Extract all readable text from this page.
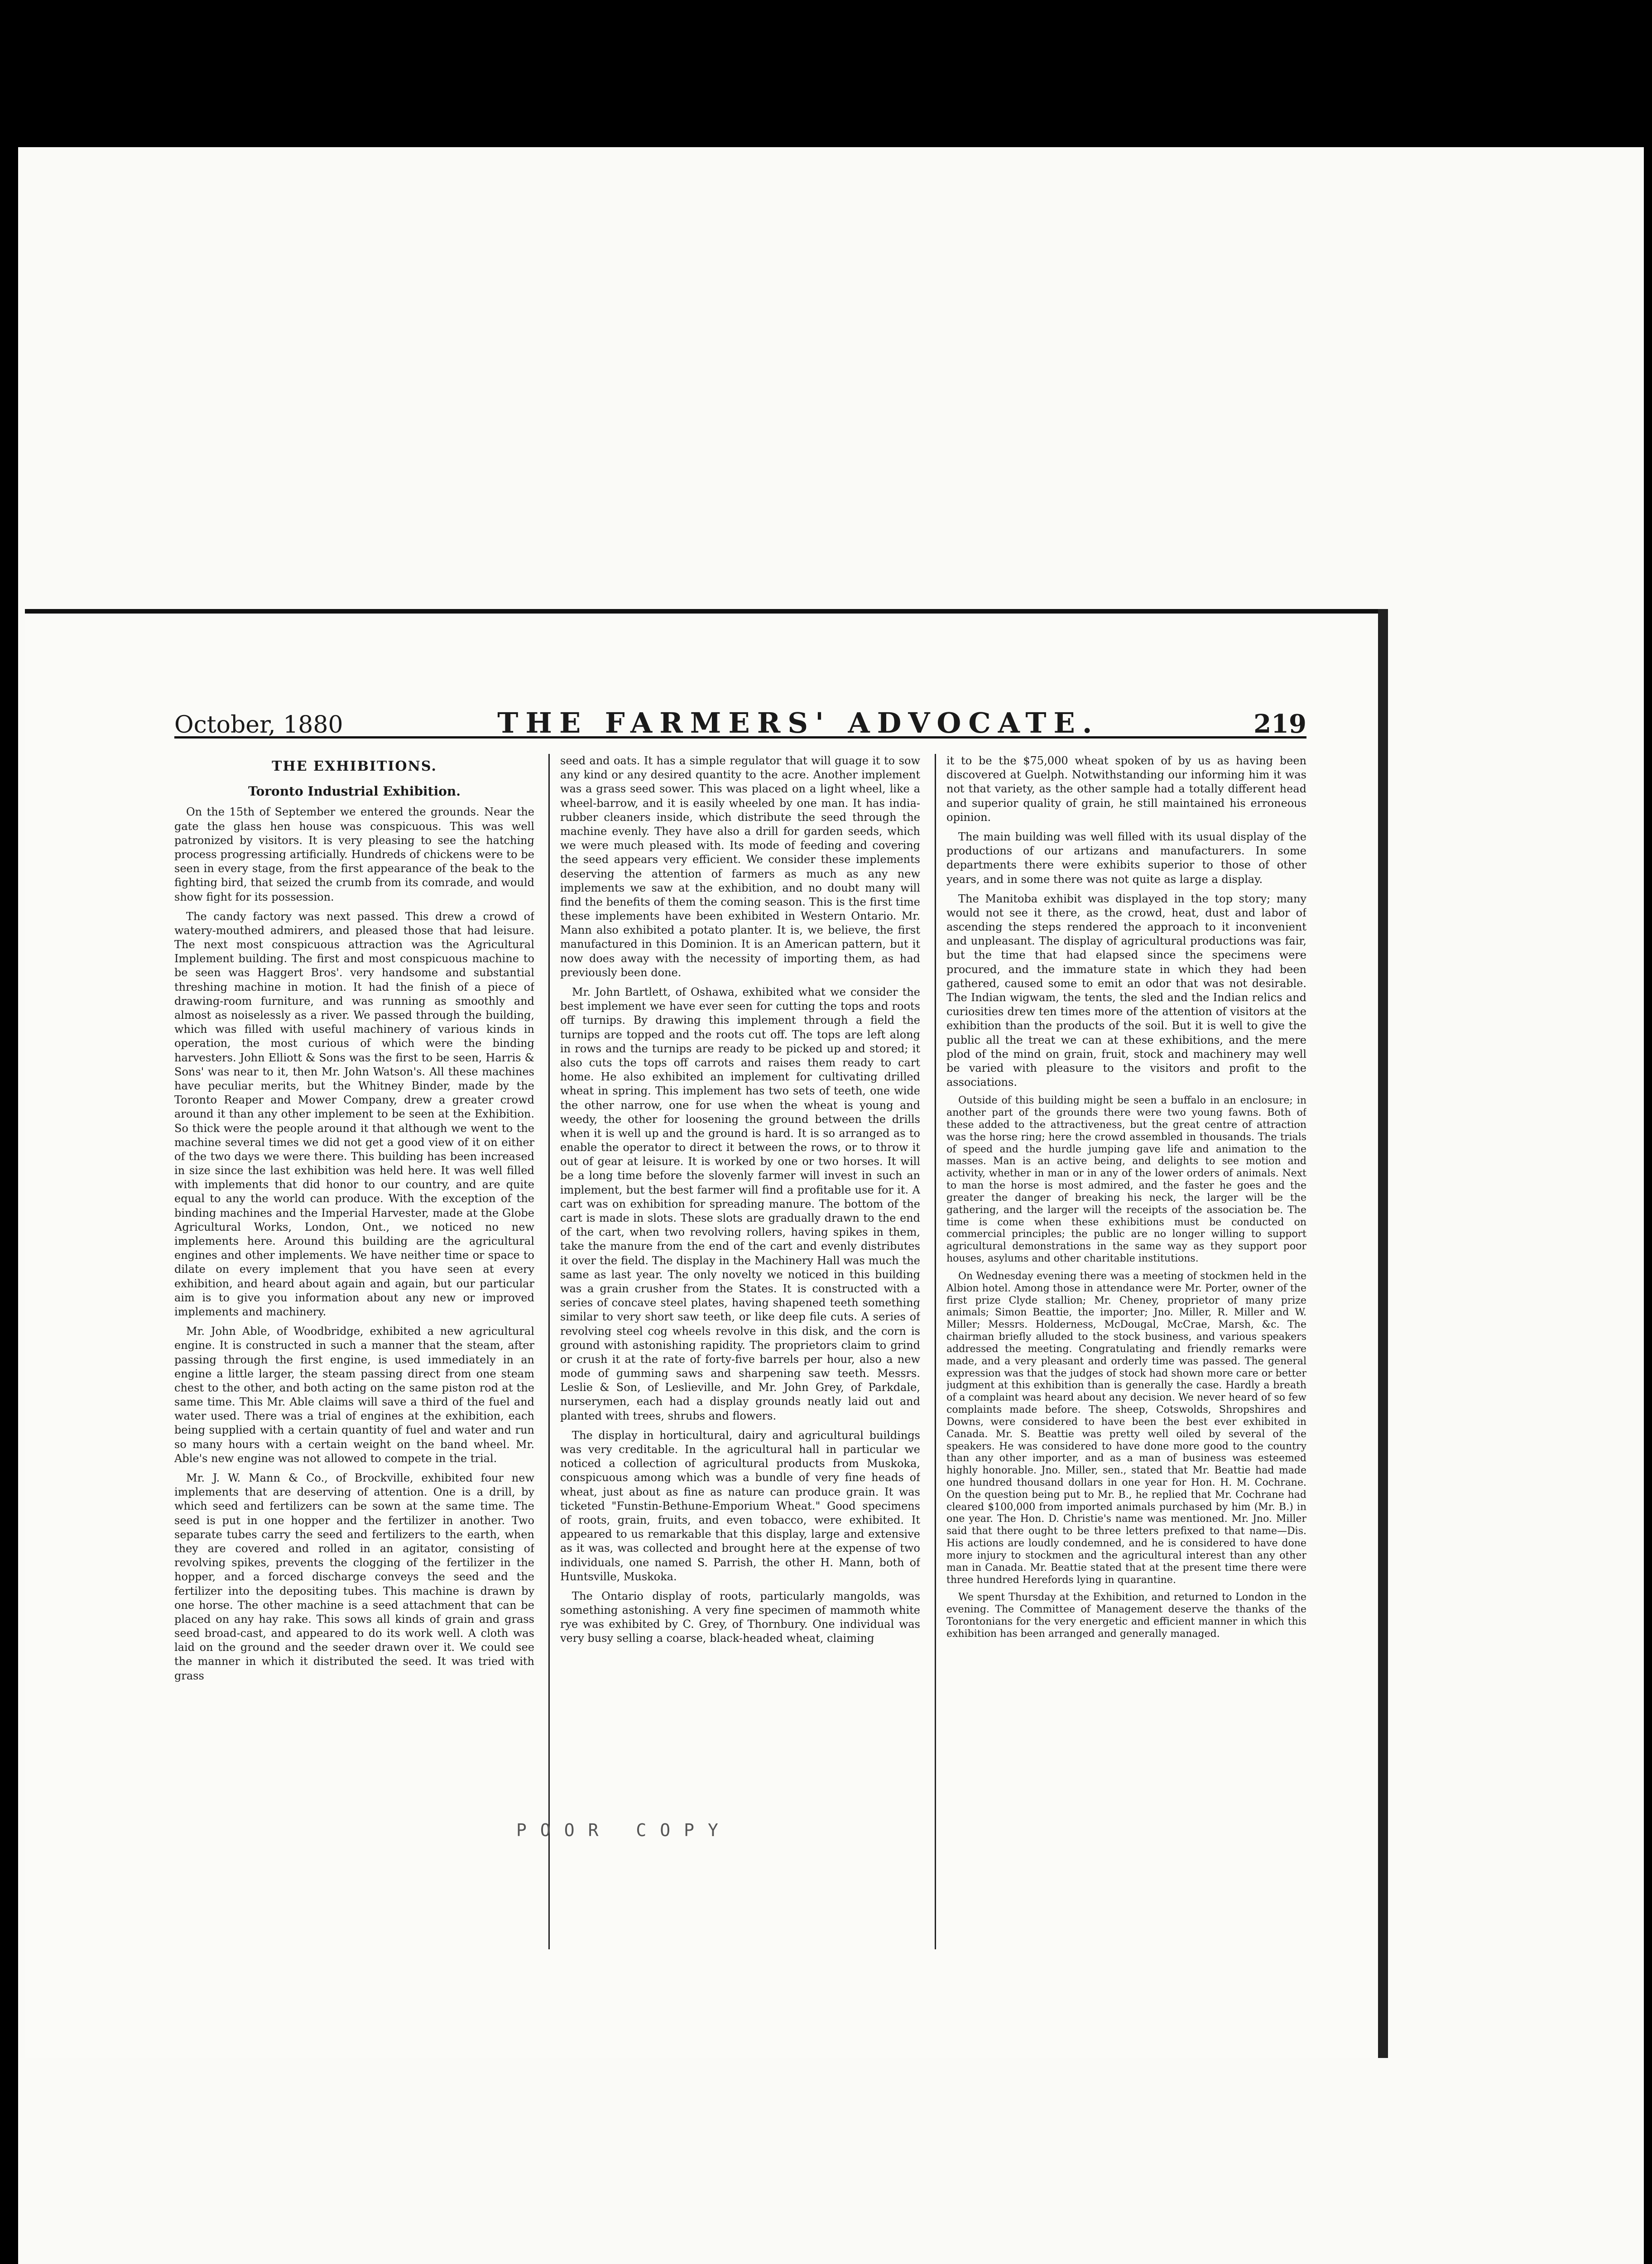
October, 1880	THE FARMERS' ADVOCATE.	219
THE EXHIBITIONS.
Toronto Industrial Exhibition.

On the 15th of September we entered the grounds. Near the gate the glass hen house was conspicuous. This was well patronized by visitors. It is very pleasing to see the hatching process progressing artificially. Hundreds of chickens were to be seen in every stage, from the first appearance of the beak to the fighting bird, that seized the crumb from its comrade, and would show fight for its possession.

The candy factory was next passed. This drew a crowd of watery-mouthed admirers, and pleased those that had leisure. The next most conspicuous attraction was the Agricultural Implement building. The first and most conspicuous machine to be seen was Haggert Bros'. very handsome and substantial threshing machine in motion. It had the finish of a piece of drawing-room furniture, and was running as smoothly and almost as noiselessly as a river. We passed through the building, which was filled with useful machinery of various kinds in operation, the most curious of which were the binding harvesters. John Elliott & Sons was the first to be seen, Harris & Sons' was near to it, then Mr. John Watson's. All these machines have peculiar merits, but the Whitney Binder, made by the Toronto Reaper and Mower Company, drew a greater crowd around it than any other implement to be seen at the Exhibition. So thick were the people around it that although we went to the machine several times we did not get a good view of it on either of the two days we were there. This building has been increased in size since the last exhibition was held here. It was well filled with implements that did honor to our country, and are quite equal to any the world can produce. With the exception of the binding machines and the Imperial Harvester, made at the Globe Agricultural Works, London, Ont., we noticed no new implements here. Around this building are the agricultural engines and other implements. We have neither time or space to dilate on every implement that you have seen at every exhibition, and heard about again and again, but our particular aim is to give you information about any new or improved implements and machinery.

Mr. John Able, of Woodbridge, exhibited a new agricultural engine. It is constructed in such a manner that the steam, after passing through the first engine, is used immediately in an engine a little larger, the steam passing direct from one steam chest to the other, and both acting on the same piston rod at the same time. This Mr. Able claims will save a third of the fuel and water used. There was a trial of engines at the exhibition, each being supplied with a certain quantity of fuel and water and run so many hours with a certain weight on the band wheel. Mr. Able's new engine was not allowed to compete in the trial.

Mr. J. W. Mann & Co., of Brockville, exhibited four new implements that are deserving of attention. One is a drill, by which seed and fertilizers can be sown at the same time. The seed is put in one hopper and the fertilizer in another. Two separate tubes carry the seed and fertilizers to the earth, when they are covered and rolled in an agitator, consisting of revolving spikes, prevents the clogging of the fertilizer in the hopper, and a forced discharge conveys the seed and the fertilizer into the depositing tubes. This machine is drawn by one horse. The other machine is a seed attachment that can be placed on any hay rake. This sows all kinds of grain and grass seed broad-cast, and appeared to do its work well. A cloth was laid on the ground and the seeder drawn over it. We could see the manner in which it distributed the seed. It was tried with grass

seed and oats. It has a simple regulator that will guage it to sow any kind or any desired quantity to the acre. Another implement was a grass seed sower. This was placed on a light wheel, like a wheel-barrow, and it is easily wheeled by one man. It has india-rubber cleaners inside, which distribute the seed through the machine evenly. They have also a drill for garden seeds, which we were much pleased with. Its mode of feeding and covering the seed appears very efficient. We consider these implements deserving the attention of farmers as much as any new implements we saw at the exhibition, and no doubt many will find the benefits of them the coming season. This is the first time these implements have been exhibited in Western Ontario. Mr. Mann also exhibited a potato planter. It is, we believe, the first manufactured in this Dominion. It is an American pattern, but it now does away with the necessity of importing them, as had previously been done.

Mr. John Bartlett, of Oshawa, exhibited what we consider the best implement we have ever seen for cutting the tops and roots off turnips. By drawing this implement through a field the turnips are topped and the roots cut off. The tops are left along in rows and the turnips are ready to be picked up and stored; it also cuts the tops off carrots and raises them ready to cart home. He also exhibited an implement for cultivating drilled wheat in spring. This implement has two sets of teeth, one wide the other narrow, one for use when the wheat is young and weedy, the other for loosening the ground between the drills when it is well up and the ground is hard. It is so arranged as to enable the operator to direct it between the rows, or to throw it out of gear at leisure. It is worked by one or two horses. It will be a long time before the slovenly farmer will invest in such an implement, but the best farmer will find a profitable use for it. A cart was on exhibition for spreading manure. The bottom of the cart is made in slots. These slots are gradually drawn to the end of the cart, when two revolving rollers, having spikes in them, take the manure from the end of the cart and evenly distributes it over the field. The display in the Machinery Hall was much the same as last year. The only novelty we noticed in this building was a grain crusher from the States. It is constructed with a series of concave steel plates, having shapened teeth something similar to very short saw teeth, or like deep file cuts. A series of revolving steel cog wheels revolve in this disk, and the corn is ground with astonishing rapidity. The proprietors claim to grind or crush it at the rate of forty-five barrels per hour, also a new mode of gumming saws and sharpening saw teeth. Messrs. Leslie & Son, of Leslieville, and Mr. John Grey, of Parkdale, nurserymen, each had a display grounds neatly laid out and planted with trees, shrubs and flowers.

The display in horticultural, dairy and agricultural buildings was very creditable. In the agricultural hall in particular we noticed a collection of agricultural products from Muskoka, conspicuous among which was a bundle of very fine heads of wheat, just about as fine as nature can produce grain. It was ticketed "Funstin-Bethune-Emporium Wheat." Good specimens of roots, grain, fruits, and even tobacco, were exhibited. It appeared to us remarkable that this display, large and extensive as it was, was collected and brought here at the expense of two individuals, one named S. Parrish, the other H. Mann, both of Huntsville, Muskoka.

The Ontario display of roots, particularly mangolds, was something astonishing. A very fine specimen of mammoth white rye was exhibited by C. Grey, of Thornbury. One individual was very busy selling a coarse, black-headed wheat, claiming

it to be the $75,000 wheat spoken of by us as having been discovered at Guelph. Notwithstanding our informing him it was not that variety, as the other sample had a totally different head and superior quality of grain, he still maintained his erroneous opinion.

The main building was well filled with its usual display of the productions of our artizans and manufacturers. In some departments there were exhibits superior to those of other years, and in some there was not quite as large a display.

The Manitoba exhibit was displayed in the top story; many would not see it there, as the crowd, heat, dust and labor of ascending the steps rendered the approach to it inconvenient and unpleasant. The display of agricultural productions was fair, but the time that had elapsed since the specimens were procured, and the immature state in which they had been gathered, caused some to emit an odor that was not desirable. The Indian wigwam, the tents, the sled and the Indian relics and curiosities drew ten times more of the attention of visitors at the exhibition than the products of the soil. But it is well to give the public all the treat we can at these exhibitions, and the mere plod of the mind on grain, fruit, stock and machinery may well be varied with pleasure to the visitors and profit to the associations.

Outside of this building might be seen a buffalo in an enclosure; in another part of the grounds there were two young fawns. Both of these added to the attractiveness, but the great centre of attraction was the horse ring; here the crowd assembled in thousands. The trials of speed and the hurdle jumping gave life and animation to the masses. Man is an active being, and delights to see motion and activity, whether in man or in any of the lower orders of animals. Next to man the horse is most admired, and the faster he goes and the greater the danger of breaking his neck, the larger will be the gathering, and the larger will the receipts of the association be. The time is come when these exhibitions must be conducted on commercial principles; the public are no longer willing to support agricultural demonstrations in the same way as they support poor houses, asylums and other charitable institutions.

On Wednesday evening there was a meeting of stockmen held in the Albion hotel. Among those in attendance were Mr. Porter, owner of the first prize Clyde stallion; Mr. Cheney, proprietor of many prize animals; Simon Beattie, the importer; Jno. Miller, R. Miller and W. Miller; Messrs. Holderness, McDougal, McCrae, Marsh, &c. The chairman briefly alluded to the stock business, and various speakers addressed the meeting. Congratulating and friendly remarks were made, and a very pleasant and orderly time was passed. The general expression was that the judges of stock had shown more care or better judgment at this exhibition than is generally the case. Hardly a breath of a complaint was heard about any decision. We never heard of so few complaints made before. The sheep, Cotswolds, Shropshires and Downs, were considered to have been the best ever exhibited in Canada. Mr. S. Beattie was pretty well oiled by several of the speakers. He was considered to have done more good to the country than any other importer, and as a man of business was esteemed highly honorable. Jno. Miller, sen., stated that Mr. Beattie had made one hundred thousand dollars in one year for Hon. H. M. Cochrane. On the question being put to Mr. B., he replied that Mr. Cochrane had cleared $100,000 from imported animals purchased by him (Mr. B.) in one year. The Hon. D. Christie's name was mentioned. Mr. Jno. Miller said that there ought to be three letters prefixed to that name—Dis. His actions are loudly condemned, and he is considered to have done more injury to stockmen and the agricultural interest than any other man in Canada. Mr. Beattie stated that at the present time there were three hundred Herefords lying in quarantine.

We spent Thursday at the Exhibition, and returned to London in the evening. The Committee of Management deserve the thanks of the Torontonians for the very energetic and efficient manner in which this exhibition has been arranged and generally managed.

POOR COPY
